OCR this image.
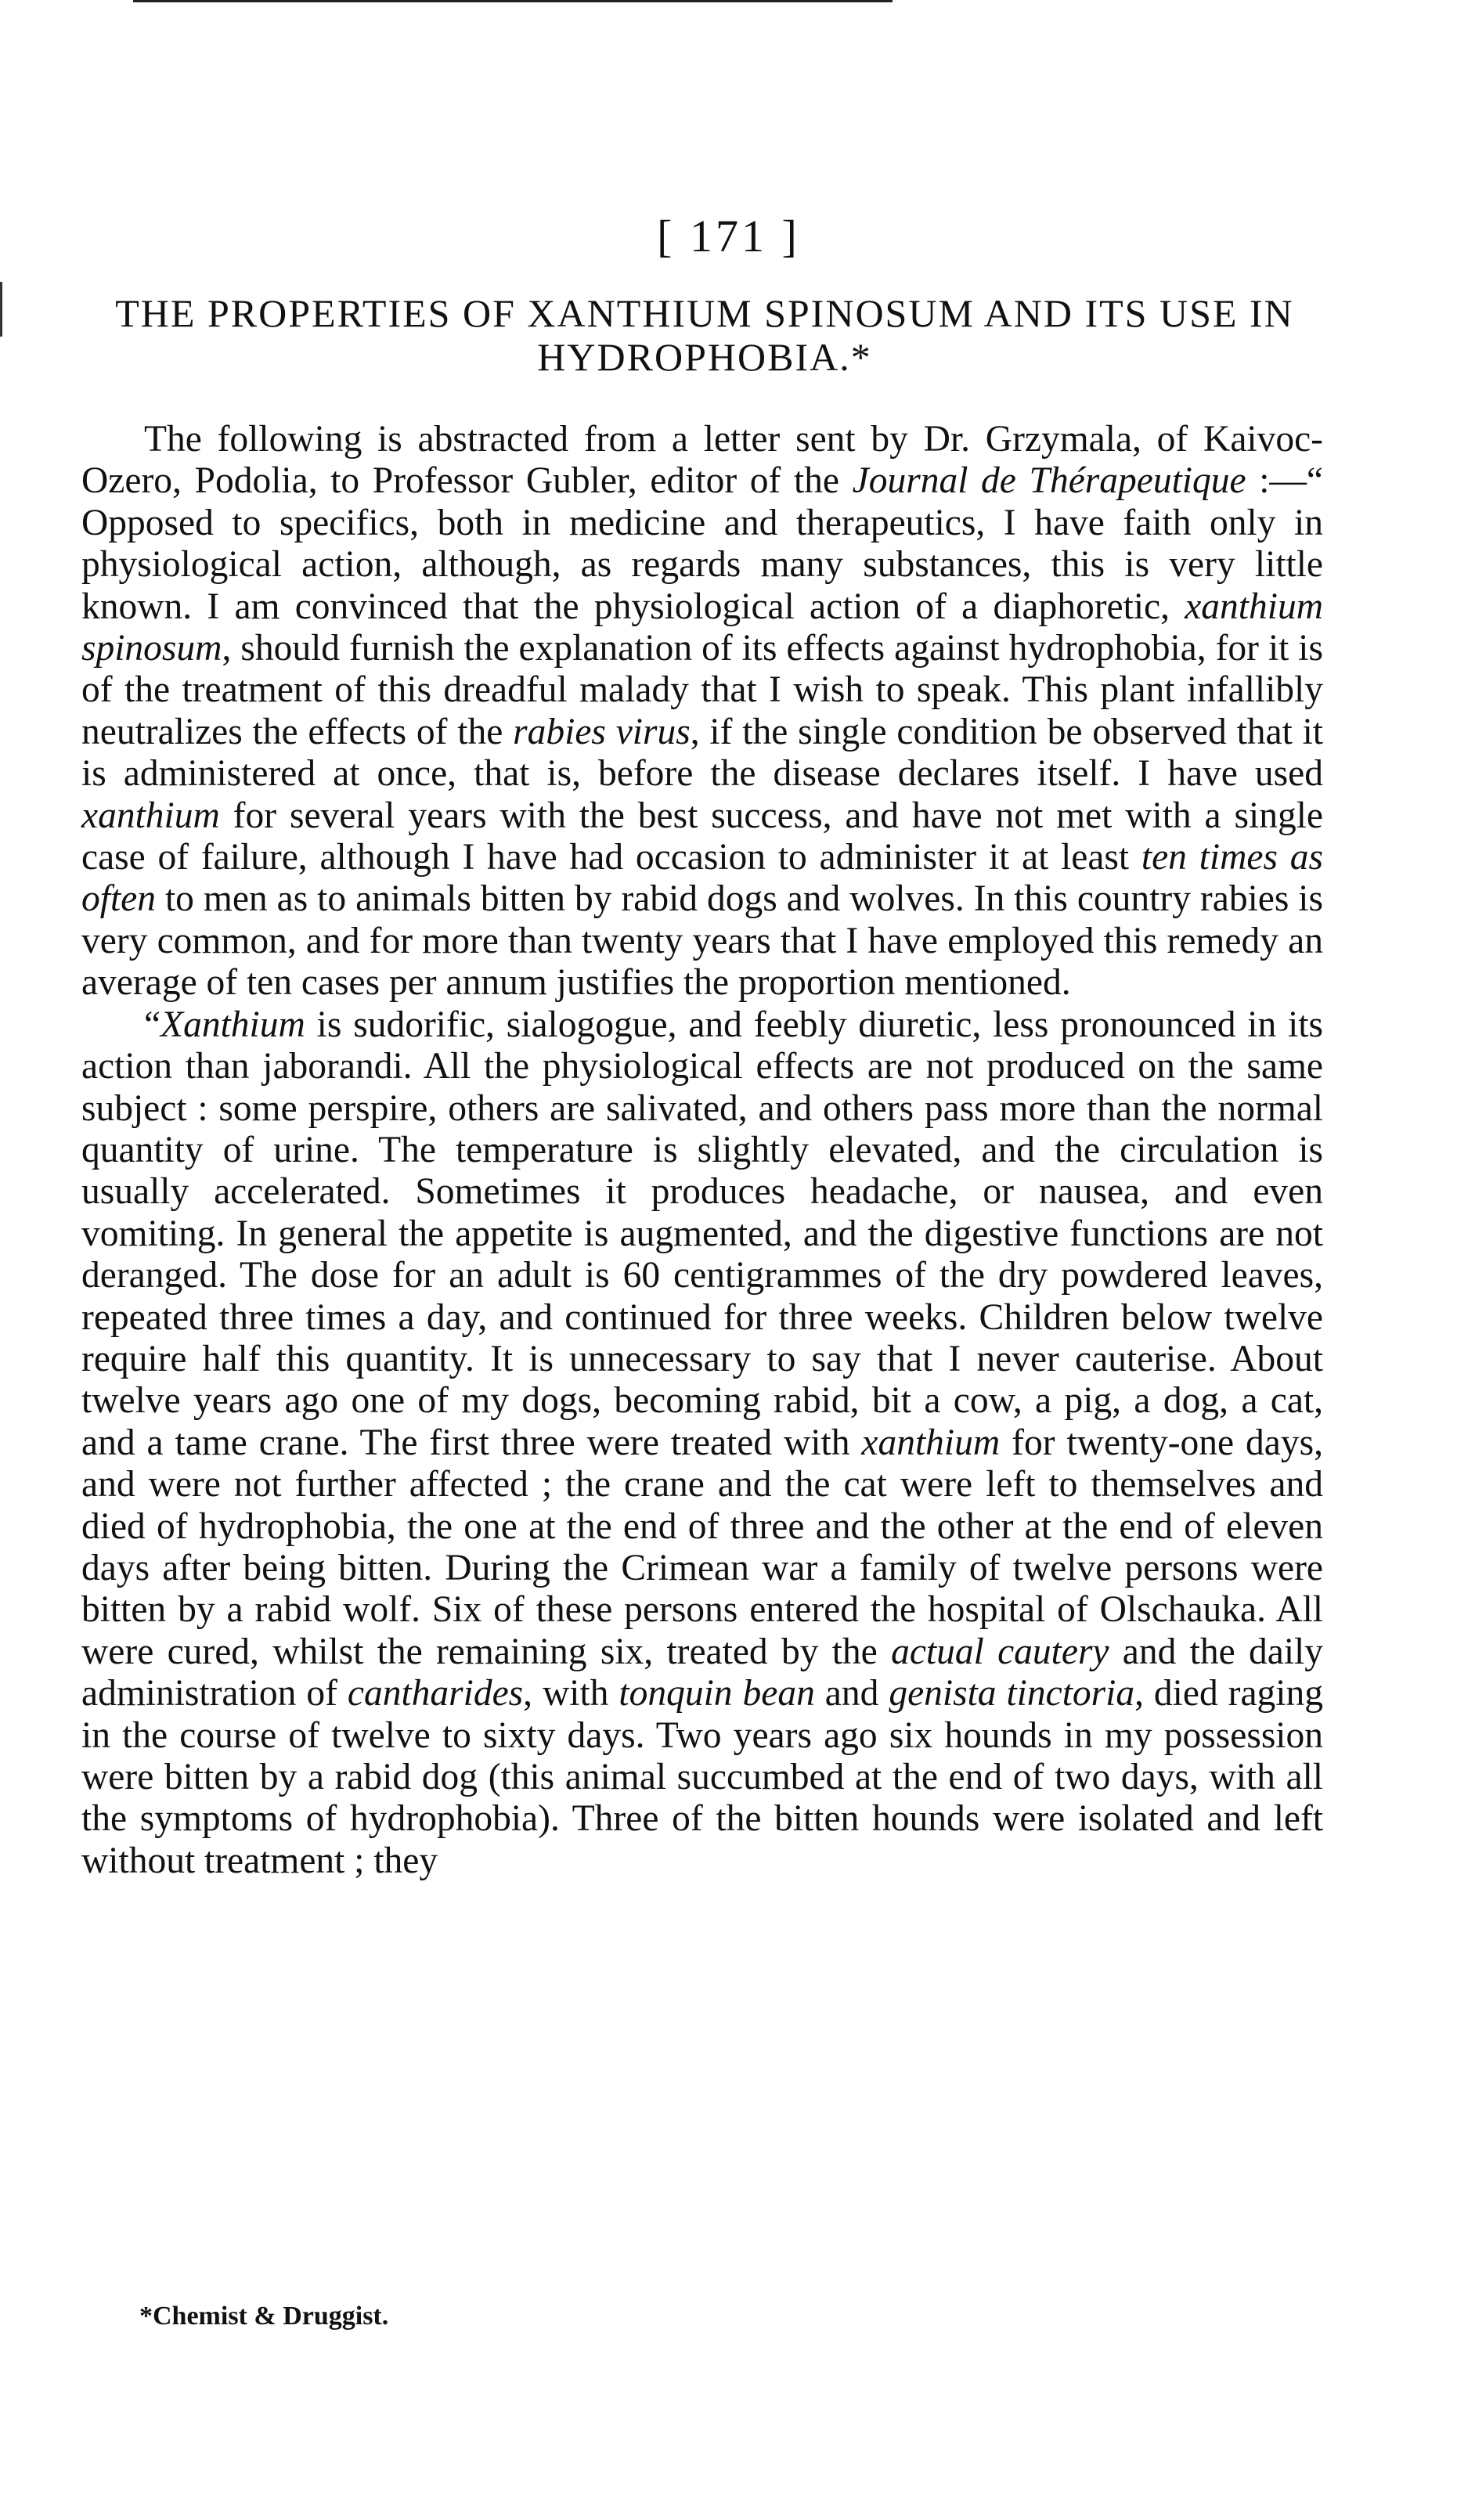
[ 171 ]
THE PROPERTIES OF XANTHIUM SPINOSUM AND ITS USE IN HYDROPHOBIA.*

The following is abstracted from a letter sent by Dr. Grzymala, of Kaivoc-Ozero, Podolia, to Professor Gubler, editor of the Journal de Thérapeutique :—“ Opposed to specifics, both in medicine and therapeutics, I have faith only in physiological action, although, as regards many substances, this is very little known. I am convinced that the physiological action of a diaphoretic, xanthium spinosum, should furnish the explanation of its effects against hydrophobia, for it is of the treatment of this dreadful malady that I wish to speak. This plant infallibly neutralizes the effects of the rabies virus, if the single condition be observed that it is administered at once, that is, before the disease declares itself. I have used xanthium for several years with the best success, and have not met with a single case of failure, although I have had occasion to administer it at least ten times as often to men as to animals bitten by rabid dogs and wolves. In this country rabies is very common, and for more than twenty years that I have employed this remedy an average of ten cases per annum justifies the proportion mentioned.

“Xanthium is sudorific, sialogogue, and feebly diuretic, less pronounced in its action than jaborandi. All the physiological effects are not produced on the same subject : some perspire, others are salivated, and others pass more than the normal quantity of urine. The temperature is slightly elevated, and the circulation is usually accelerated. Sometimes it produces headache, or nausea, and even vomiting. In general the appetite is augmented, and the digestive functions are not deranged. The dose for an adult is 60 centigrammes of the dry powdered leaves, repeated three times a day, and continued for three weeks. Children below twelve require half this quantity. It is unnecessary to say that I never cauterise. About twelve years ago one of my dogs, becoming rabid, bit a cow, a pig, a dog, a cat, and a tame crane. The first three were treated with xanthium for twenty-one days, and were not further affected ; the crane and the cat were left to themselves and died of hydrophobia, the one at the end of three and the other at the end of eleven days after being bitten. During the Crimean war a family of twelve persons were bitten by a rabid wolf. Six of these persons entered the hospital of Olschauka. All were cured, whilst the remaining six, treated by the actual cautery and the daily administration of cantharides, with tonquin bean and genista tinctoria, died raging in the course of twelve to sixty days. Two years ago six hounds in my possession were bitten by a rabid dog (this animal succumbed at the end of two days, with all the symptoms of hydrophobia). Three of the bitten hounds were isolated and left without treatment ; they

*Chemist & Druggist.
